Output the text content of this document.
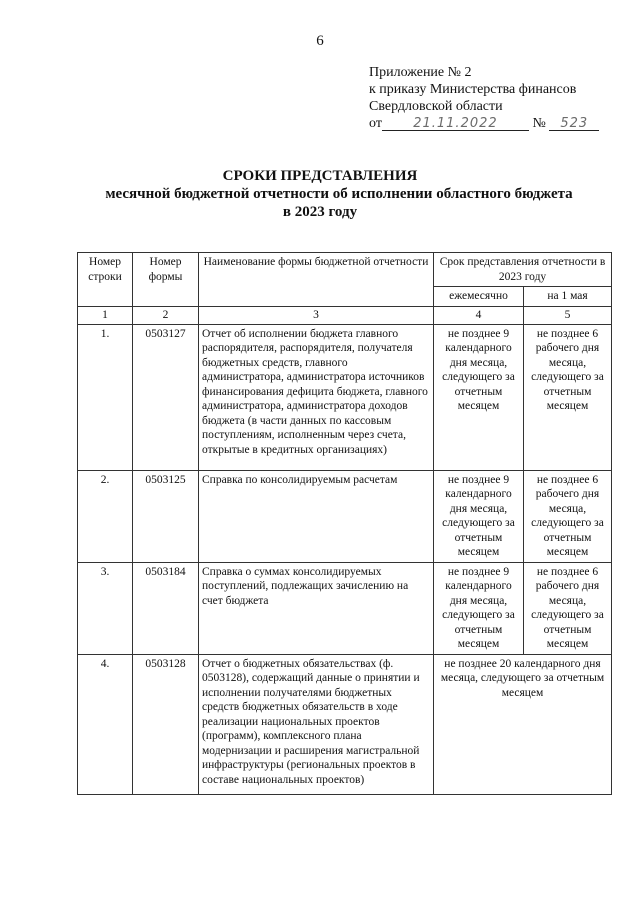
6
Приложение № 2
к приказу Министерства финансов
Свердловской области
от 21.11.2022 № 523
СРОКИ ПРЕДСТАВЛЕНИЯ
месячной бюджетной отчетности об исполнении областного бюджета
в 2023 году
Номер строки	Номер формы	Наименование формы бюджетной отчетности	Срок представления отчетности в 2023 году	
			ежемесячно	на 1 мая
1	2	3	4	5
1.	0503127	Отчет об исполнении бюджета главного распорядителя, распорядителя, получателя бюджетных средств, главного администратора, администратора источников финансирования дефицита бюджета, главного администратора, администратора доходов бюджета (в части данных по кассовым поступлениям, исполненным через счета, открытые в кредитных организациях)	не позднее 9 календарного дня месяца, следующего за отчетным месяцем	не позднее 6 рабочего дня месяца, следующего за отчетным месяцем
2.	0503125	Справка по консолидируемым расчетам	не позднее 9 календарного дня месяца, следующего за отчетным месяцем	не позднее 6 рабочего дня месяца, следующего за отчетным месяцем
3.	0503184	Справка о суммах консолидируемых поступлений, подлежащих зачислению на счет бюджета	не позднее 9 календарного дня месяца, следующего за отчетным месяцем	не позднее 6 рабочего дня месяца, следующего за отчетным месяцем
4.	0503128	Отчет о бюджетных обязательствах (ф. 0503128), содержащий данные о принятии и исполнении получателями бюджетных средств бюджетных обязательств в ходе реализации национальных проектов (программ), комплексного плана модернизации и расширения магистральной инфраструктуры (региональных проектов в составе национальных проектов)	не позднее 20 календарного дня месяца, следующего за отчетным месяцем	
